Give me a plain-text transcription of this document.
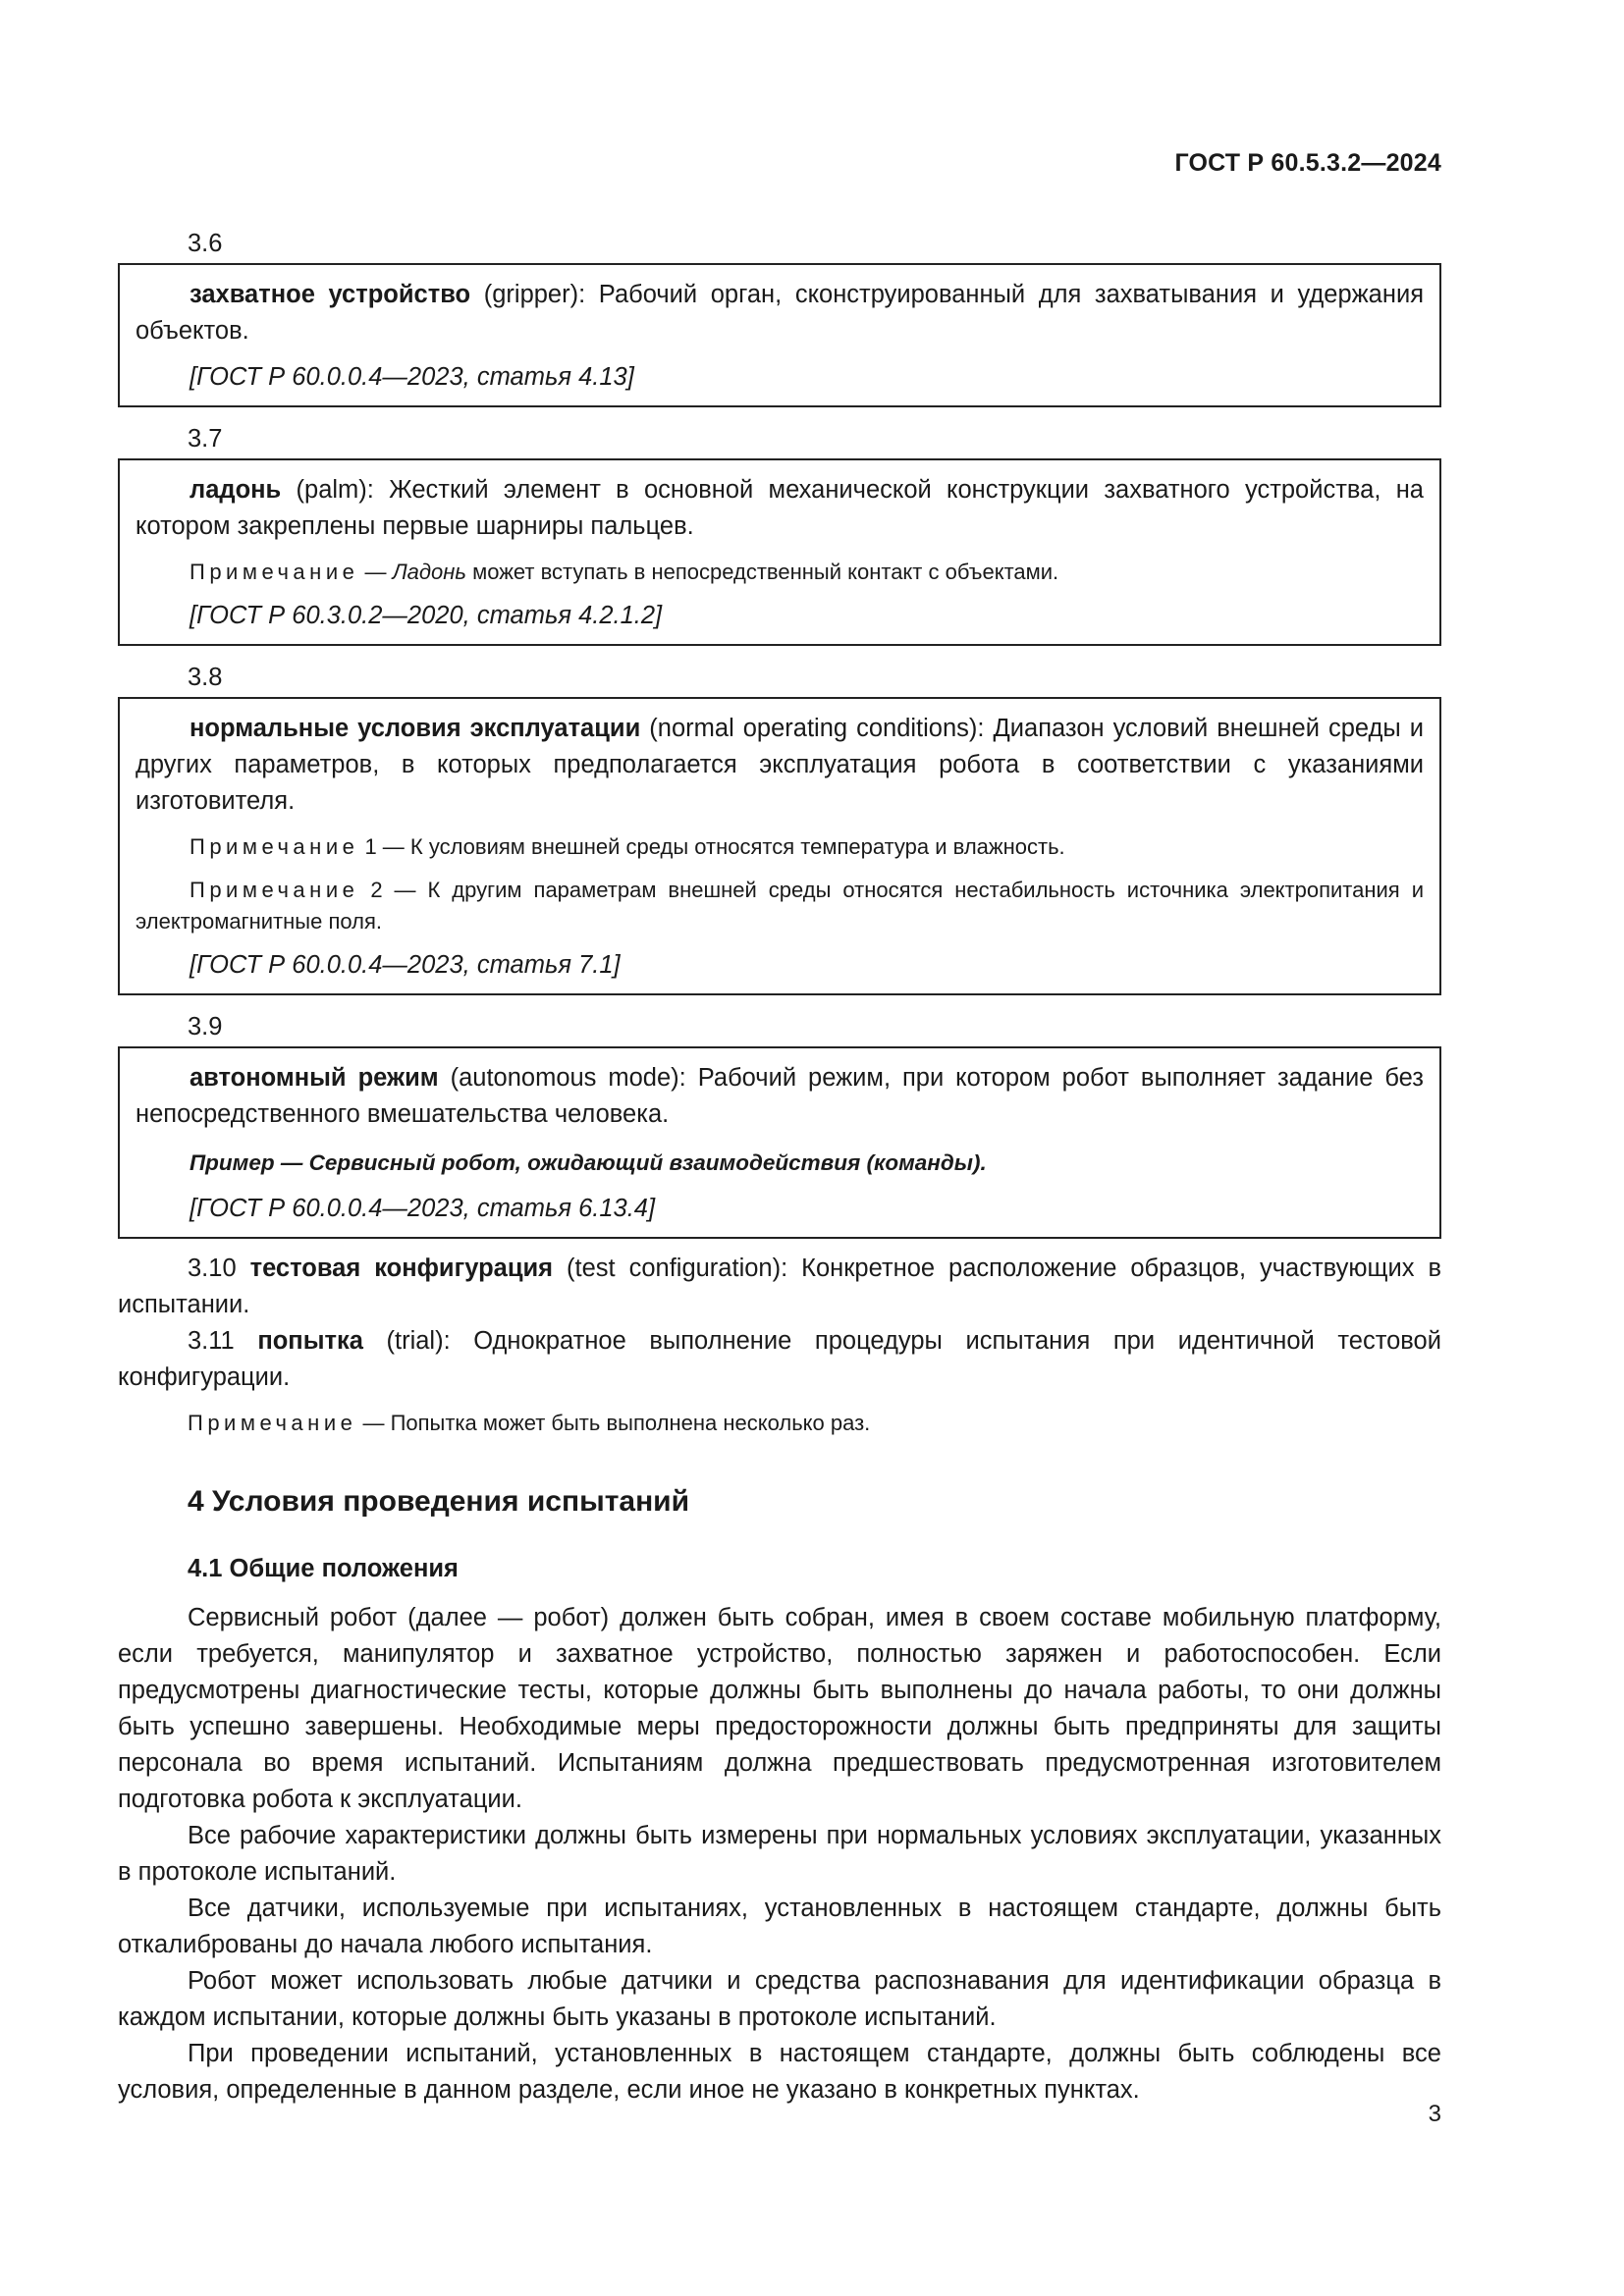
ГОСТ Р 60.5.3.2—2024

3.6

захватное устройство (gripper): Рабочий орган, сконструированный для захватывания и удержания объектов.

[ГОСТ Р 60.0.0.4—2023, статья 4.13]

3.7

ладонь (palm): Жесткий элемент в основной механической конструкции захватного устройства, на котором закреплены первые шарниры пальцев.

Примечание — Ладонь может вступать в непосредственный контакт с объектами.

[ГОСТ Р 60.3.0.2—2020, статья 4.2.1.2]

3.8

нормальные условия эксплуатации (normal operating conditions): Диапазон условий внешней среды и других параметров, в которых предполагается эксплуатация робота в соответствии с указаниями изготовителя.

Примечание 1 — К условиям внешней среды относятся температура и влажность.

Примечание 2 — К другим параметрам внешней среды относятся нестабильность источника электропитания и электромагнитные поля.

[ГОСТ Р 60.0.0.4—2023, статья 7.1]

3.9

автономный режим (autonomous mode): Рабочий режим, при котором робот выполняет задание без непосредственного вмешательства человека.

Пример — Сервисный робот, ожидающий взаимодействия (команды).

[ГОСТ Р 60.0.0.4—2023, статья 6.13.4]

3.10 тестовая конфигурация (test configuration): Конкретное расположение образцов, участвующих в испытании.

3.11 попытка (trial): Однократное выполнение процедуры испытания при идентичной тестовой конфигурации.

Примечание — Попытка может быть выполнена несколько раз.

4 Условия проведения испытаний
4.1 Общие положения

Сервисный робот (далее — робот) должен быть собран, имея в своем составе мобильную платформу, если требуется, манипулятор и захватное устройство, полностью заряжен и работоспособен. Если предусмотрены диагностические тесты, которые должны быть выполнены до начала работы, то они должны быть успешно завершены. Необходимые меры предосторожности должны быть предприняты для защиты персонала во время испытаний. Испытаниям должна предшествовать предусмотренная изготовителем подготовка робота к эксплуатации.

Все рабочие характеристики должны быть измерены при нормальных условиях эксплуатации, указанных в протоколе испытаний.

Все датчики, используемые при испытаниях, установленных в настоящем стандарте, должны быть откалиброваны до начала любого испытания.

Робот может использовать любые датчики и средства распознавания для идентификации образца в каждом испытании, которые должны быть указаны в протоколе испытаний.

При проведении испытаний, установленных в настоящем стандарте, должны быть соблюдены все условия, определенные в данном разделе, если иное не указано в конкретных пунктах.

3
